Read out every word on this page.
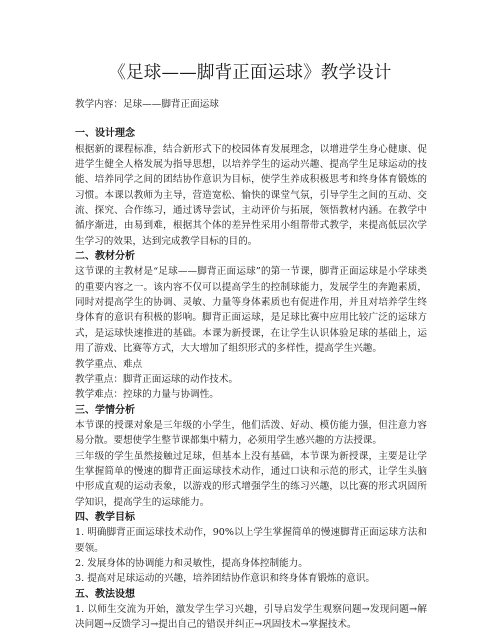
《足球——脚背正面运球》教学设计

教学内容：足球——脚背正面运球

一、设计理念

根据新的课程标准，结合新形式下的校园体育发展理念，以增进学生身心健康、促进学生健全人格发展为指导思想，以培养学生的运动兴趣、提高学生足球运动的技能、培养同学之间的团结协作意识为目标，使学生养成积极思考和终身体育锻炼的习惯。本课以教师为主导，营造宽松、愉快的课堂气氛，引导学生之间的互动、交流、探究、合作练习，通过诱导尝试，主动评价与拓展，领悟教材内涵。在教学中循序渐进，由易到难，根据其个体的差异性采用小组帮带式教学，来提高低层次学生学习的效果，达到完成教学目标的目的。

二、教材分析

这节课的主教材是“足球——脚背正面运球”的第一节课，脚背正面运球是小学球类的重要内容之一。该内容不仅可以提高学生的控制球能力，发展学生的奔跑素质，同时对提高学生的协调、灵敏、力量等身体素质也有促进作用，并且对培养学生终身体育的意识有积极的影响。脚背正面运球，是足球比赛中应用比较广泛的运球方式，是运球快速推进的基础。本课为新授课，在让学生认识体验足球的基础上，运用了游戏、比赛等方式，大大增加了组织形式的多样性，提高学生兴趣。

教学重点、难点

教学重点：脚背正面运球的动作技术。

教学难点：控球的力量与协调性。

三、学情分析

本节课的授课对象是三年级的小学生，他们活泼、好动、模仿能力强，但注意力容易分散。要想使学生整节课都集中精力，必须用学生感兴趣的方法授课。

三年级的学生虽然接触过足球，但基本上没有基础，本节课为新授课，主要是让学生掌握简单的慢速的脚背正面运球技术动作，通过口诀和示范的形式，让学生头脑中形成直观的运动表象，以游戏的形式增强学生的练习兴趣，以比赛的形式巩固所学知识，提高学生的运球能力。

四、教学目标

1. 明确脚背正面运球技术动作，90%以上学生掌握简单的慢速脚背正面运球方法和要领。

2. 发展身体的协调能力和灵敏性，提高身体控制能力。

3. 提高对足球运动的兴趣，培养团结协作意识和终身体育锻炼的意识。

五、教法设想

1. 以师生交流为开始，激发学生学习兴趣，引导启发学生观察问题→发现问题→解决问题→反馈学习→提出自己的错误并纠正→巩固技术→掌握技术。
